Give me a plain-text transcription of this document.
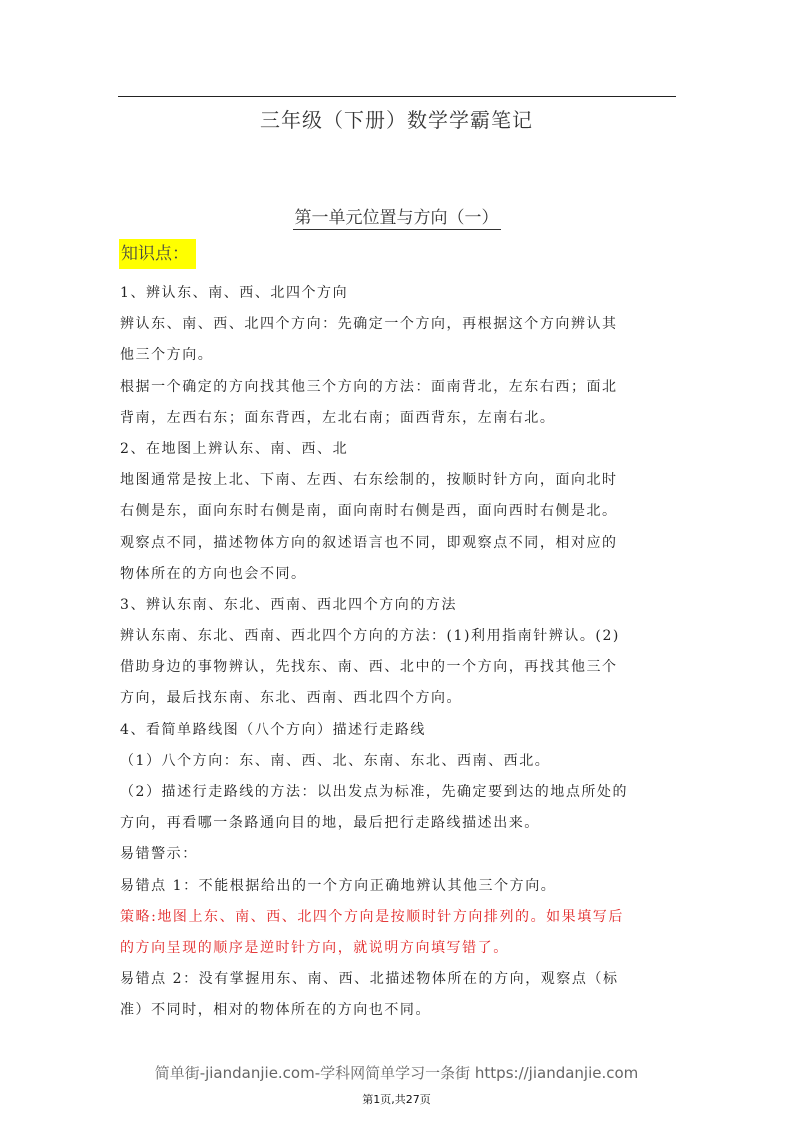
三年级（下册）数学学霸笔记
第一单元位置与方向（一）
知识点：
1、辨认东、南、西、北四个方向
辨认东、南、西、北四个方向：先确定一个方向，再根据这个方向辨认其
他三个方向。
根据一个确定的方向找其他三个方向的方法：面南背北，左东右西；面北
背南，左西右东；面东背西，左北右南；面西背东，左南右北。
2、在地图上辨认东、南、西、北
地图通常是按上北、下南、左西、右东绘制的，按顺时针方向，面向北时
右侧是东，面向东时右侧是南，面向南时右侧是西，面向西时右侧是北。
观察点不同，描述物体方向的叙述语言也不同，即观察点不同，相对应的
物体所在的方向也会不同。
3、辨认东南、东北、西南、西北四个方向的方法
辨认东南、东北、西南、西北四个方向的方法：(1)利用指南针辨认。(2)
借助身边的事物辨认，先找东、南、西、北中的一个方向，再找其他三个
方向，最后找东南、东北、西南、西北四个方向。
4、看简单路线图（八个方向）描述行走路线
（1）八个方向：东、南、西、北、东南、东北、西南、西北。
（2）描述行走路线的方法：以出发点为标准，先确定要到达的地点所处的
方向，再看哪一条路通向目的地，最后把行走路线描述出来。
易错警示：
易错点 1：不能根据给出的一个方向正确地辨认其他三个方向。
策略:地图上东、南、西、北四个方向是按顺时针方向排列的。如果填写后
的方向呈现的顺序是逆时针方向，就说明方向填写错了。
易错点 2：没有掌握用东、南、西、北描述物体所在的方向，观察点（标
准）不同时，相对的物体所在的方向也不同。
简单街-jiandanjie.com-学科网简单学习一条街 https://jiandanjie.com
第1页,共27页
